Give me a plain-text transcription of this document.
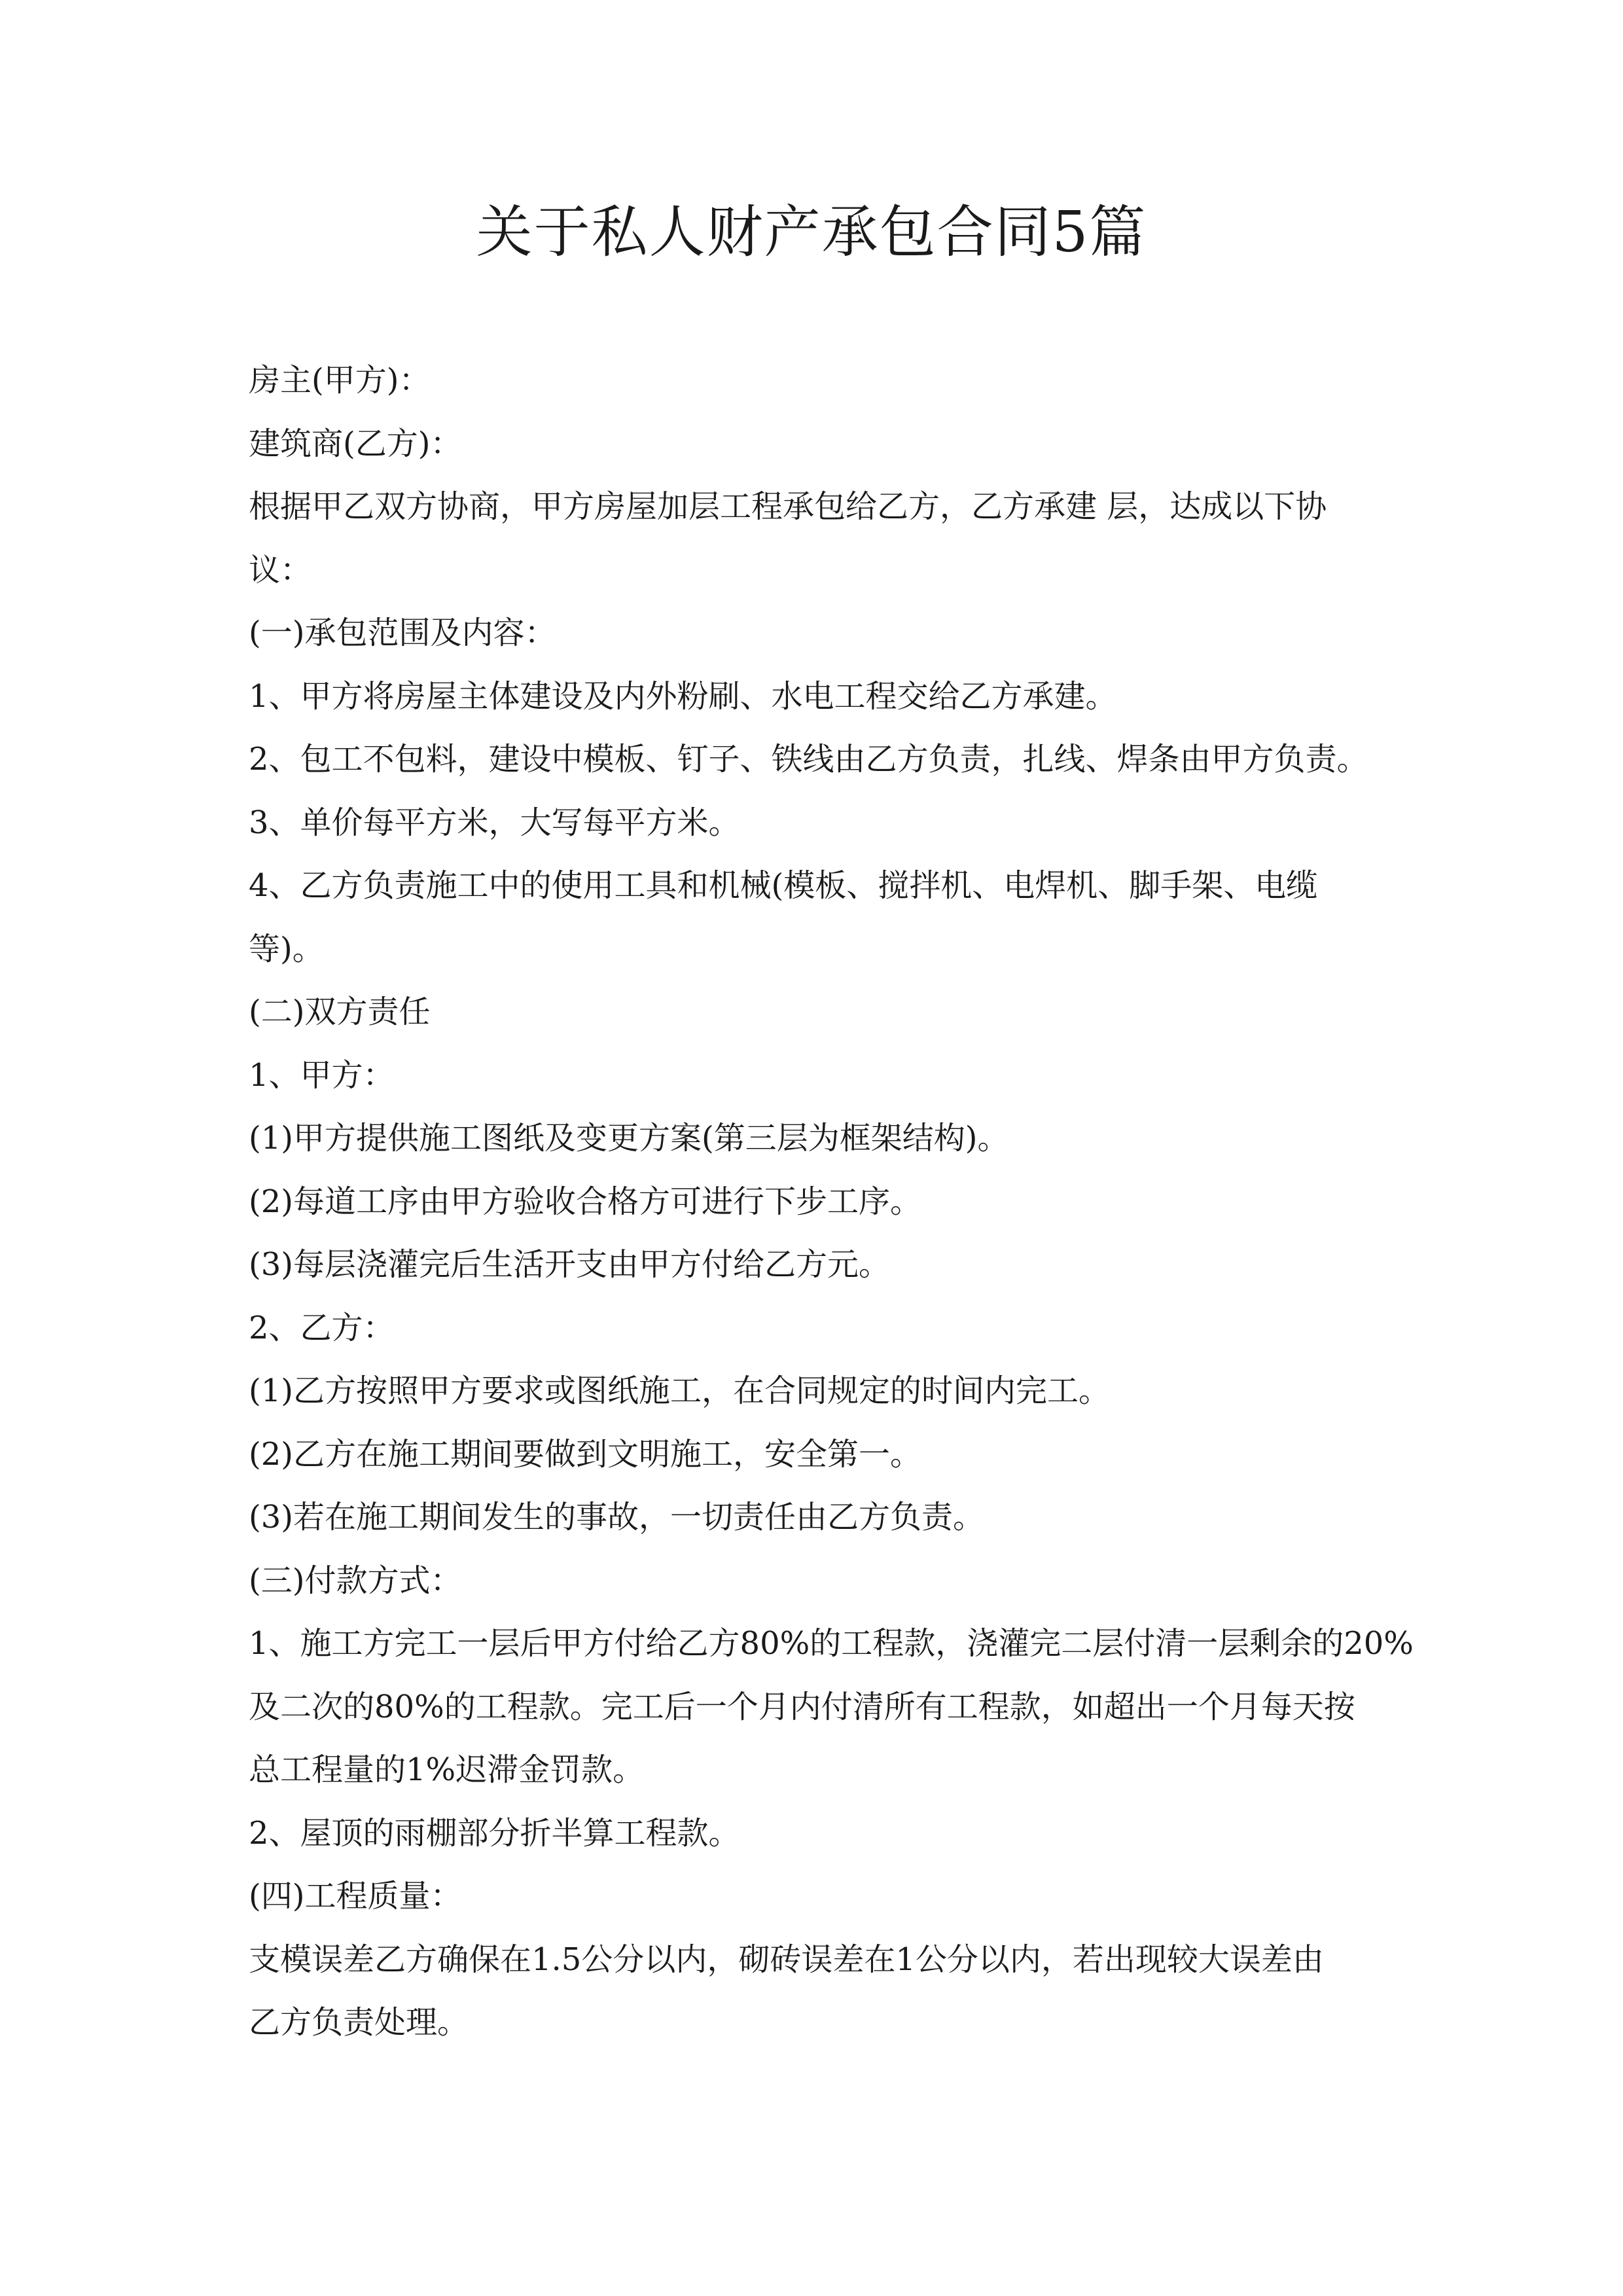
关于私人财产承包合同5篇

房主(甲方)：

建筑商(乙方)：

根据甲乙双方协商，甲方房屋加层工程承包给乙方，乙方承建 层，达成以下协

议：

(一)承包范围及内容：

1、甲方将房屋主体建设及内外粉刷、水电工程交给乙方承建。

2、包工不包料，建设中模板、钉子、铁线由乙方负责，扎线、焊条由甲方负责。

3、单价每平方米，大写每平方米。

4、乙方负责施工中的使用工具和机械(模板、搅拌机、电焊机、脚手架、电缆

等)。

(二)双方责任

1、甲方：

(1)甲方提供施工图纸及变更方案(第三层为框架结构)。

(2)每道工序由甲方验收合格方可进行下步工序。

(3)每层浇灌完后生活开支由甲方付给乙方元。

2、乙方：

(1)乙方按照甲方要求或图纸施工，在合同规定的时间内完工。

(2)乙方在施工期间要做到文明施工，安全第一。

(3)若在施工期间发生的事故，一切责任由乙方负责。

(三)付款方式：

1、施工方完工一层后甲方付给乙方80%的工程款，浇灌完二层付清一层剩余的20%

及二次的80%的工程款。完工后一个月内付清所有工程款，如超出一个月每天按

总工程量的1%迟滞金罚款。

2、屋顶的雨棚部分折半算工程款。

(四)工程质量：

支模误差乙方确保在1.5公分以内，砌砖误差在1公分以内，若出现较大误差由

乙方负责处理。
